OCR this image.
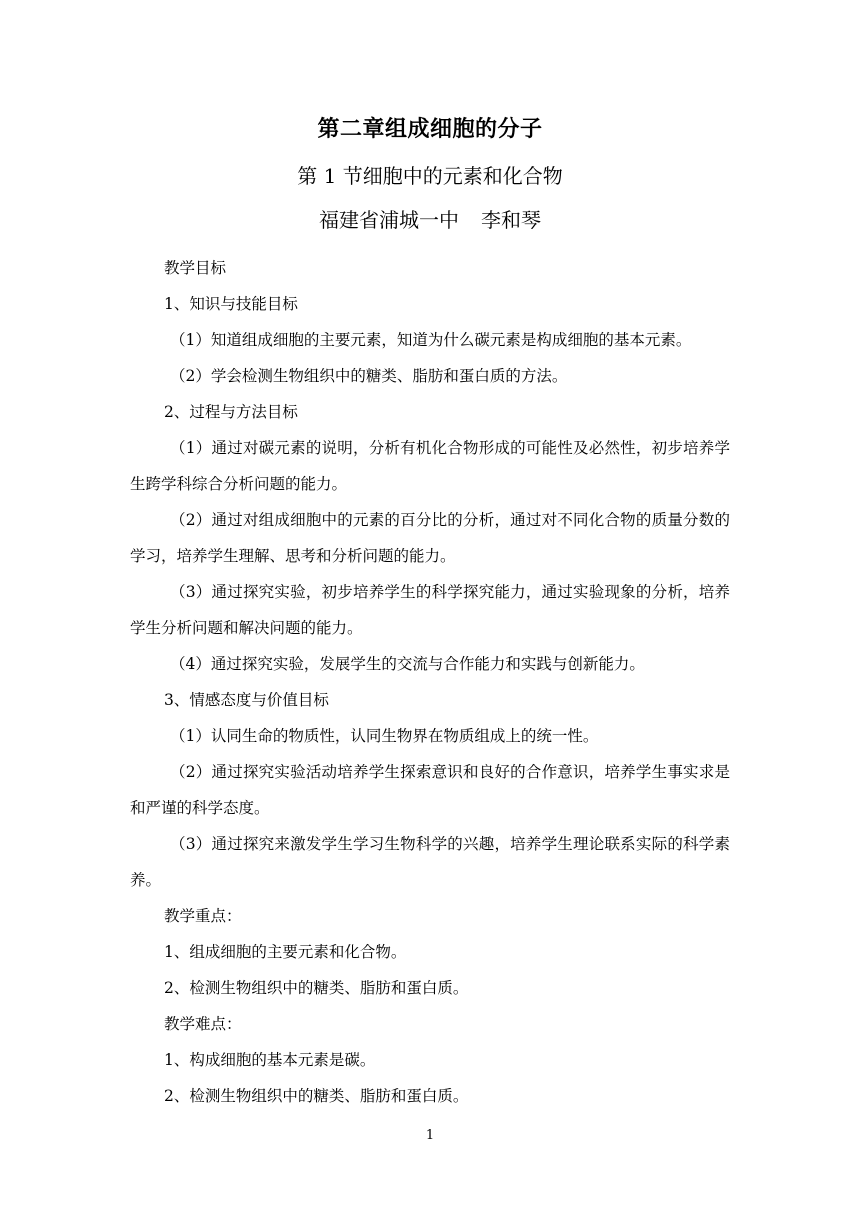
第二章组成细胞的分子
第 1 节细胞中的元素和化合物
福建省浦城一中 李和琴

教学目标

1、知识与技能目标

（1）知道组成细胞的主要元素，知道为什么碳元素是构成细胞的基本元素。

（2）学会检测生物组织中的糖类、脂肪和蛋白质的方法。

2、过程与方法目标

（1）通过对碳元素的说明，分析有机化合物形成的可能性及必然性，初步培养学生跨学科综合分析问题的能力。

（2）通过对组成细胞中的元素的百分比的分析，通过对不同化合物的质量分数的学习，培养学生理解、思考和分析问题的能力。

（3）通过探究实验，初步培养学生的科学探究能力，通过实验现象的分析，培养学生分析问题和解决问题的能力。

（4）通过探究实验，发展学生的交流与合作能力和实践与创新能力。

3、情感态度与价值目标

（1）认同生命的物质性，认同生物界在物质组成上的统一性。

（2）通过探究实验活动培养学生探索意识和良好的合作意识，培养学生事实求是和严谨的科学态度。

（3）通过探究来激发学生学习生物科学的兴趣，培养学生理论联系实际的科学素养。

教学重点：

1、组成细胞的主要元素和化合物。

2、检测生物组织中的糖类、脂肪和蛋白质。

教学难点：

1、构成细胞的基本元素是碳。

2、检测生物组织中的糖类、脂肪和蛋白质。

1
